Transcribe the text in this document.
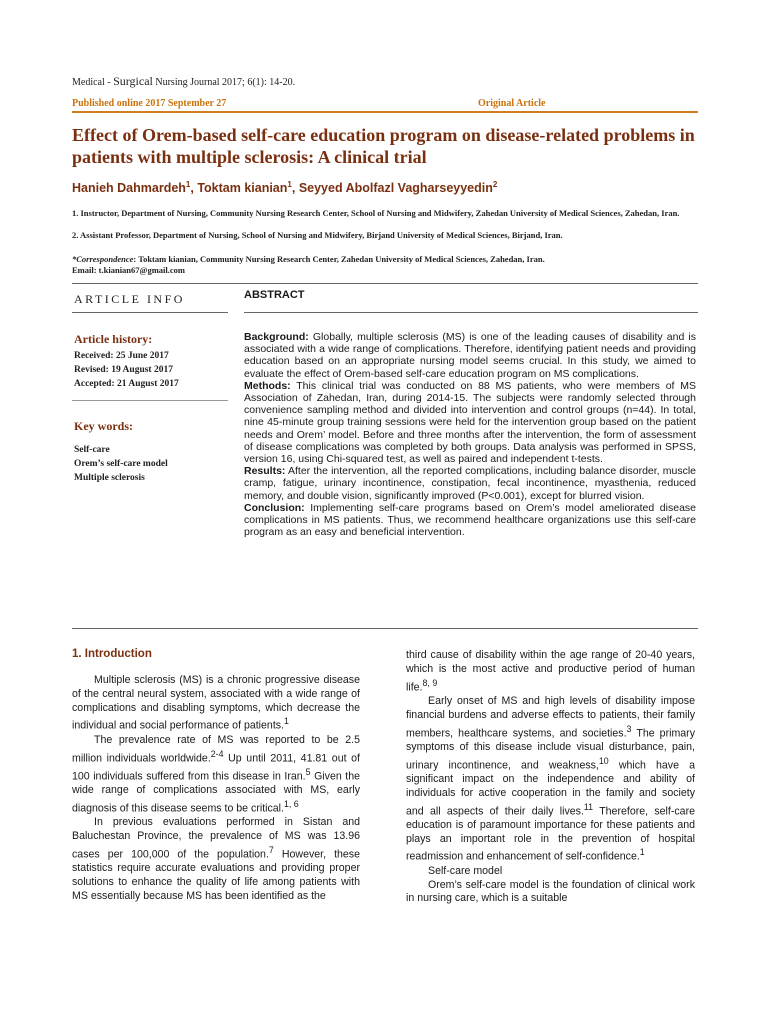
Medical - Surgical Nursing Journal 2017; 6(1): 14-20.
Published online 2017 September 27	Original Article
Effect of Orem-based self-care education program on disease-related problems in patients with multiple sclerosis: A clinical trial
Hanieh Dahmardeh$^1$, Toktam kianian$^1$, Seyyed Abolfazl Vagharseyyedin$^2$
1. Instructor, Department of Nursing, Community Nursing Research Center, School of Nursing and Midwifery, Zahedan University of Medical Sciences, Zahedan, Iran.
2. Assistant Professor, Department of Nursing, School of Nursing and Midwifery, Birjand University of Medical Sciences, Birjand, Iran.
*Correspondence: Toktam kianian, Community Nursing Research Center, Zahedan University of Medical Sciences, Zahedan, Iran.
Email: t.kianian67@gmail.com
ARTICLE INFO	ABSTRACT
Article history:
Received: 25 June 2017
Revised: 19 August 2017
Accepted: 21 August 2017
Key words:
Self-care
Orem’s self-care model
Multiple sclerosis

Background: Globally, multiple sclerosis (MS) is one of the leading causes of disability and is associated with a wide range of complications. Therefore, identifying patient needs and providing education based on an appropriate nursing model seems crucial. In this study, we aimed to evaluate the effect of Orem-based self-care education program on MS complications.

Methods: This clinical trial was conducted on 88 MS patients, who were members of MS Association of Zahedan, Iran, during 2014-15. The subjects were randomly selected through convenience sampling method and divided into intervention and control groups (n=44). In total, nine 45-minute group training sessions were held for the intervention group based on the patient needs and Orem’ model. Before and three months after the intervention, the form of assessment of disease complications was completed by both groups. Data analysis was performed in SPSS, version 16, using Chi-squared test, as well as paired and independent t-tests.

Results: After the intervention, all the reported complications, including balance disorder, muscle cramp, fatigue, urinary incontinence, constipation, fecal incontinence, myasthenia, reduced memory, and double vision, significantly improved (P<0.001), except for blurred vision.

Conclusion: Implementing self-care programs based on Orem’s model ameliorated disease complications in MS patients. Thus, we recommend healthcare organizations use this self-care program as an easy and beneficial intervention.

1. Introduction

Multiple sclerosis (MS) is a chronic progressive disease of the central neural system, associated with a wide range of complications and disabling symptoms, which decrease the individual and social performance of patients.$^1$

The prevalence rate of MS was reported to be 2.5 million individuals worldwide.$^{2-4}$ Up until 2011, 41.81 out of 100 individuals suffered from this disease in Iran.$^5$ Given the wide range of complications associated with MS, early diagnosis of this disease seems to be critical.$^{1, 6}$

In previous evaluations performed in Sistan and Baluchestan Province, the prevalence of MS was 13.96 cases per 100,000 of the population.$^7$ However, these statistics require accurate evaluations and providing proper solutions to enhance the quality of life among patients with MS essentially because MS has been identified as the

third cause of disability within the age range of 20-40 years, which is the most active and productive period of human life.$^{8, 9}$

Early onset of MS and high levels of disability impose financial burdens and adverse effects to patients, their family members, healthcare systems, and societies.$^3$ The primary symptoms of this disease include visual disturbance, pain, urinary incontinence, and weakness,$^{10}$ which have a significant impact on the independence and ability of individuals for active cooperation in the family and society and all aspects of their daily lives.$^{11}$ Therefore, self-care education is of paramount importance for these patients and plays an important role in the prevention of hospital readmission and enhancement of self-confidence.$^1$

Self-care model

Orem’s self-care model is the foundation of clinical work in nursing care, which is a suitable
